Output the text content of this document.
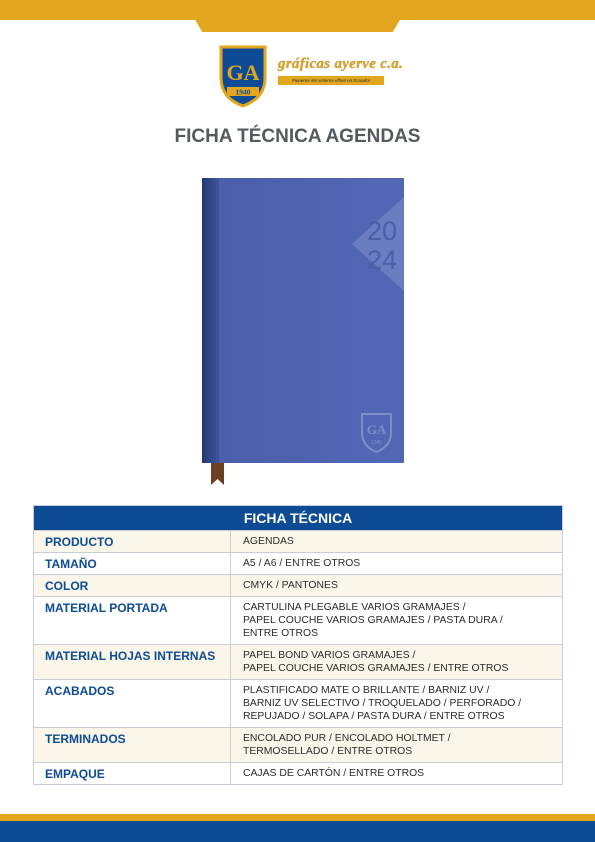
GA
1940
gráficas ayerve c.a.
Pioneros del sistema offset en Ecuador
FICHA TÉCNICA AGENDAS
20
24
GA
1940
FICHA TÉCNICA
PRODUCTO	AGENDAS
TAMAÑO	A5 / A6 / ENTRE OTROS
COLOR	CMYK / PANTONES
MATERIAL PORTADA	CARTULINA PLEGABLE VARIOS GRAMAJES /
PAPEL COUCHE VARIOS GRAMAJES / PASTA DURA /
ENTRE OTROS
MATERIAL HOJAS INTERNAS	PAPEL BOND VARIOS GRAMAJES /
PAPEL COUCHE VARIOS GRAMAJES / ENTRE OTROS
ACABADOS	PLASTIFICADO MATE O BRILLANTE / BARNIZ UV /
BARNIZ UV SELECTIVO / TROQUELADO / PERFORADO /
REPUJADO / SOLAPA / PASTA DURA / ENTRE OTROS
TERMINADOS	ENCOLADO PUR / ENCOLADO HOLTMET /
TERMOSELLADO / ENTRE OTROS
EMPAQUE	CAJAS DE CARTÓN / ENTRE OTROS
